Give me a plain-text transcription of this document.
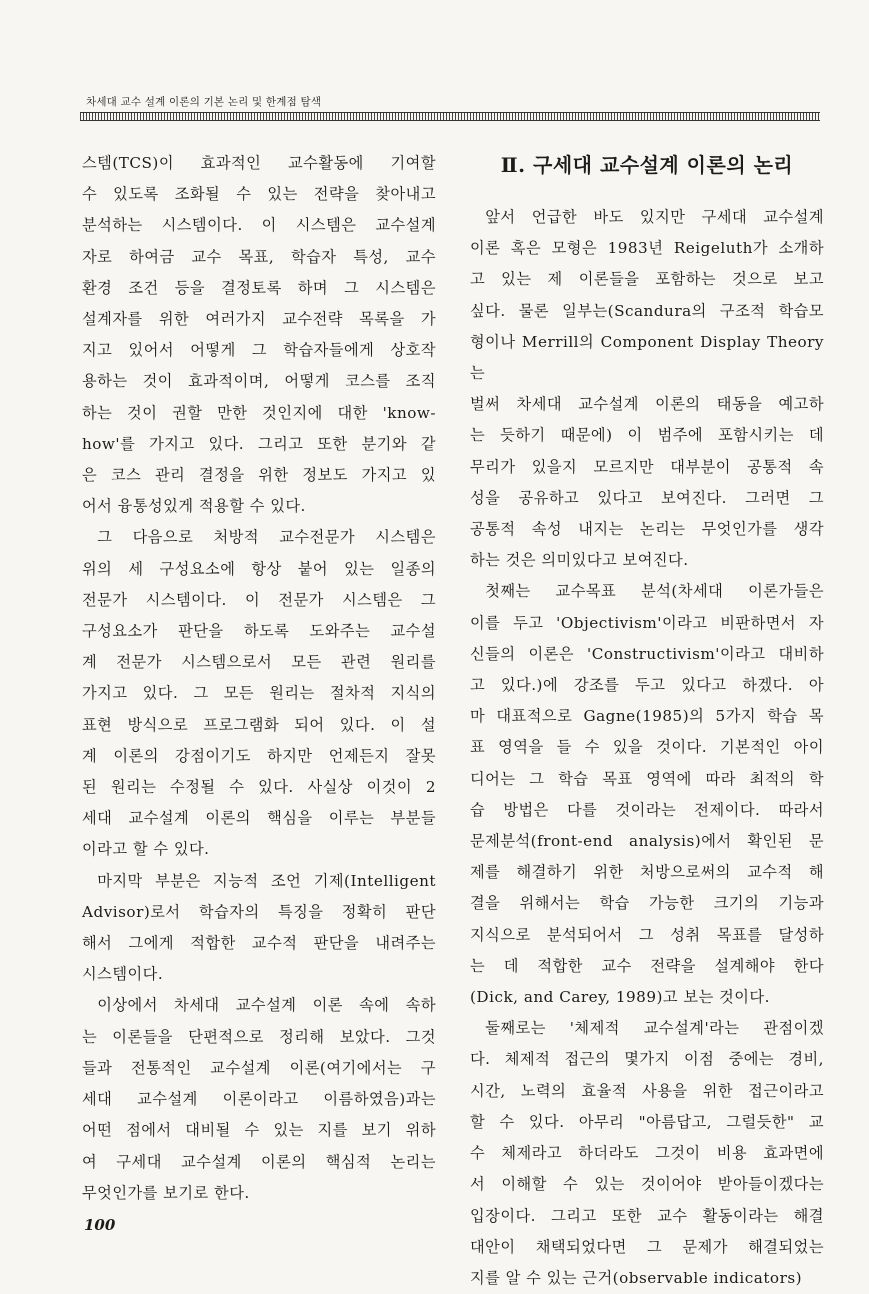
차세대 교수 설계 이론의 기본 논리 및 한계점 탐색

스템(TCS)이 효과적인 교수활동에 기여할

수 있도록 조화될 수 있는 전략을 찾아내고

분석하는 시스템이다. 이 시스템은 교수설계

자로 하여금 교수 목표, 학습자 특성, 교수

환경 조건 등을 결정토록 하며 그 시스템은

설계자를 위한 여러가지 교수전략 목록을 가

지고 있어서 어떻게 그 학습자들에게 상호작

용하는 것이 효과적이며, 어떻게 코스를 조직

하는 것이 권할 만한 것인지에 대한 'know-

how'를 가지고 있다. 그리고 또한 분기와 같

은 코스 관리 결정을 위한 정보도 가지고 있

어서 융통성있게 적용할 수 있다.

그 다음으로 처방적 교수전문가 시스템은

위의 세 구성요소에 항상 붙어 있는 일종의

전문가 시스템이다. 이 전문가 시스템은 그

구성요소가 판단을 하도록 도와주는 교수설

계 전문가 시스템으로서 모든 관련 원리를

가지고 있다. 그 모든 원리는 절차적 지식의

표현 방식으로 프로그램화 되어 있다. 이 설

계 이론의 강점이기도 하지만 언제든지 잘못

된 원리는 수정될 수 있다. 사실상 이것이 2

세대 교수설계 이론의 핵심을 이루는 부분들

이라고 할 수 있다.

마지막 부분은 지능적 조언 기제(Intelligent

Advisor)로서 학습자의 특징을 정확히 판단

해서 그에게 적합한 교수적 판단을 내려주는

시스템이다.

이상에서 차세대 교수설계 이론 속에 속하

는 이론들을 단편적으로 정리해 보았다. 그것

들과 전통적인 교수설계 이론(여기에서는 구

세대 교수설계 이론이라고 이름하였음)과는

어떤 점에서 대비될 수 있는 지를 보기 위하

여 구세대 교수설계 이론의 핵심적 논리는

무엇인가를 보기로 한다.

Ⅱ. 구세대 교수설계 이론의 논리

앞서 언급한 바도 있지만 구세대 교수설계

이론 혹은 모형은 1983년 Reigeluth가 소개하

고 있는 제 이론들을 포함하는 것으로 보고

싶다. 물론 일부는(Scandura의 구조적 학습모

형이나 Merrill의 Component Display Theory는

벌써 차세대 교수설계 이론의 태동을 예고하

는 듯하기 때문에) 이 범주에 포함시키는 데

무리가 있을지 모르지만 대부분이 공통적 속

성을 공유하고 있다고 보여진다. 그러면 그

공통적 속성 내지는 논리는 무엇인가를 생각

하는 것은 의미있다고 보여진다.

첫째는 교수목표 분석(차세대 이론가들은

이를 두고 'Objectivism'이라고 비판하면서 자

신들의 이론은 'Constructivism'이라고 대비하

고 있다.)에 강조를 두고 있다고 하겠다. 아

마 대표적으로 Gagne(1985)의 5가지 학습 목

표 영역을 들 수 있을 것이다. 기본적인 아이

디어는 그 학습 목표 영역에 따라 최적의 학

습 방법은 다를 것이라는 전제이다. 따라서

문제분석(front-end analysis)에서 확인된 문

제를 해결하기 위한 처방으로써의 교수적 해

결을 위해서는 학습 가능한 크기의 기능과

지식으로 분석되어서 그 성취 목표를 달성하

는 데 적합한 교수 전략을 설계해야 한다

(Dick, and Carey, 1989)고 보는 것이다.

둘째로는 '체제적 교수설계'라는 관점이겠

다. 체제적 접근의 몇가지 이점 중에는 경비,

시간, 노력의 효율적 사용을 위한 접근이라고

할 수 있다. 아무리 "아름답고, 그럴듯한" 교

수 체제라고 하더라도 그것이 비용 효과면에

서 이해할 수 있는 것이어야 받아들이겠다는

입장이다. 그리고 또한 교수 활동이라는 해결

대안이 채택되었다면 그 문제가 해결되었는

지를 알 수 있는 근거(observable indicators)

100
